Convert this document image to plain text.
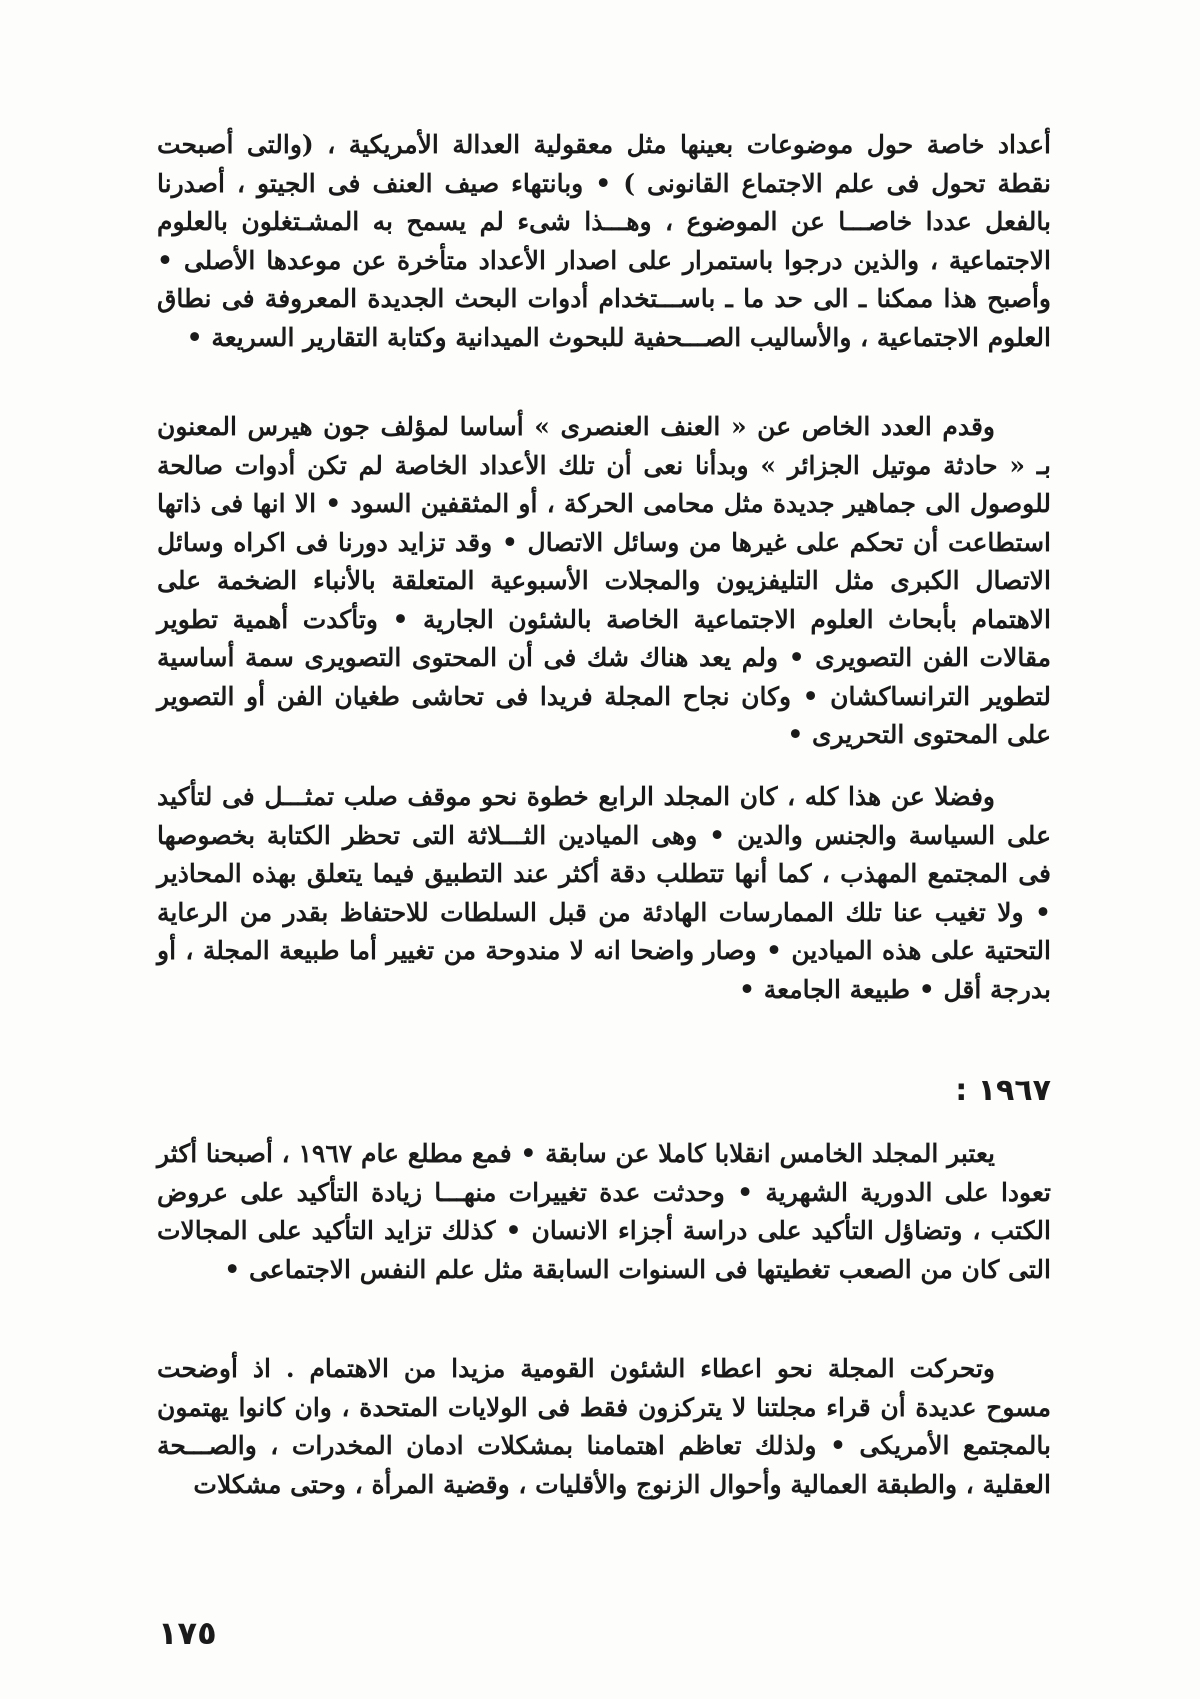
أعداد خاصة حول موضوعات بعينها مثل معقولية العدالة الأمريكية ، (والتى أصبحت نقطة تحول فى علم الاجتماع القانونى ) • وبانتهاء صيف العنف فى الجيتو ، أصدرنا بالفعل عددا خاصـــا عن الموضوع ، وهـــذا شىء لم يسمح به المشـتغلون بالعلوم الاجتماعية ، والذين درجوا باستمرار على اصدار الأعداد متأخرة عن موعدها الأصلى • وأصبح هذا ممكنا ـ الى حد ما ـ باســـتخدام أدوات البحث الجديدة المعروفة فى نطاق العلوم الاجتماعية ، والأساليب الصـــحفية للبحوث الميدانية وكتابة التقارير السريعة •

وقدم العدد الخاص عن « العنف العنصرى » أساسا لمؤلف جون هيرس المعنون بـ « حادثة موتيل الجزائر » وبدأنا نعى أن تلك الأعداد الخاصة لم تكن أدوات صالحة للوصول الى جماهير جديدة مثل محامى الحركة ، أو المثقفين السود • الا انها فى ذاتها استطاعت أن تحكم على غيرها من وسائل الاتصال • وقد تزايد دورنا فى اكراه وسائل الاتصال الكبرى مثل التليفزيون والمجلات الأسبوعية المتعلقة بالأنباء الضخمة على الاهتمام بأبحاث العلوم الاجتماعية الخاصة بالشئون الجارية • وتأكدت أهمية تطوير مقالات الفن التصويرى • ولم يعد هناك شك فى أن المحتوى التصويرى سمة أساسية لتطوير الترانساكشان • وكان نجاح المجلة فريدا فى تحاشى طغيان الفن أو التصوير على المحتوى التحريرى •

وفضلا عن هذا كله ، كان المجلد الرابع خطوة نحو موقف صلب تمثـــل فى لتأكيد على السياسة والجنس والدين • وهى الميادين الثـــلاثة التى تحظر الكتابة بخصوصها فى المجتمع المهذب ، كما أنها تتطلب دقة أكثر عند التطبيق فيما يتعلق بهذه المحاذير • ولا تغيب عنا تلك الممارسات الهادئة من قبل السلطات للاحتفاظ بقدر من الرعاية التحتية على هذه الميادين • وصار واضحا انه لا مندوحة من تغيير أما طبيعة المجلة ، أو بدرجة أقل • طبيعة الجامعة •

١٩٦٧ :

يعتبر المجلد الخامس انقلابا كاملا عن سابقة • فمع مطلع عام ١٩٦٧ ، أصبحنا أكثر تعودا على الدورية الشهرية • وحدثت عدة تغييرات منهـــا زيادة التأكيد على عروض الكتب ، وتضاؤل التأكيد على دراسة أجزاء الانسان • كذلك تزايد التأكيد على المجالات التى كان من الصعب تغطيتها فى السنوات السابقة مثل علم النفس الاجتماعى •

وتحركت المجلة نحو اعطاء الشئون القومية مزيدا من الاهتمام . اذ أوضحت مسوح عديدة أن قراء مجلتنا لا يتركزون فقط فى الولايات المتحدة ، وان كانوا يهتمون بالمجتمع الأمريكى • ولذلك تعاظم اهتمامنا بمشكلات ادمان المخدرات ، والصـــحة العقلية ، والطبقة العمالية وأحوال الزنوج والأقليات ، وقضية المرأة ، وحتى مشكلات

١٧٥
